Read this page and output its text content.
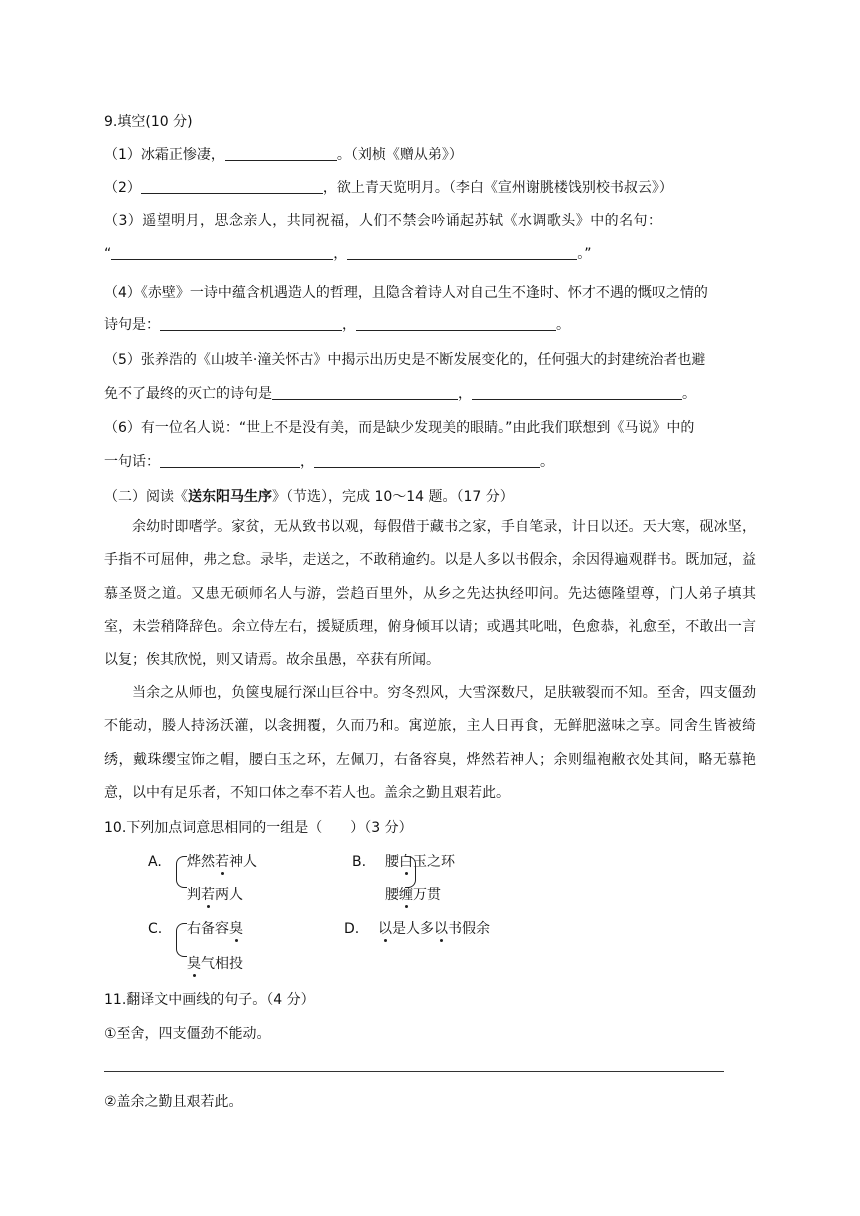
9.填空(10 分)
（1）冰霜正惨凄，	。（刘桢《赠从弟》）
（2）	，欲上青天览明月。（李白《宣州谢朓楼饯别校书叔云》）
（3）遥望明月，思念亲人，共同祝福，人们不禁会吟诵起苏轼《水调歌头》中的名句：
“	，	。”
（4）《赤壁》一诗中蕴含机遇造人的哲理，且隐含着诗人对自己生不逢时、怀才不遇的慨叹之情的
诗句是：	，	。
（5）张养浩的《山坡羊·潼关怀古》中揭示出历史是不断发展变化的，任何强大的封建统治者也避
免不了最终的灭亡的诗句是	，	。
（6）有一位名人说：“世上不是没有美，而是缺少发现美的眼睛。”由此我们联想到《马说》中的
一句话：	，	。
（二）阅读《送东阳马生序》（节选），完成 10～14 题。（17 分）
余幼时即嗜学。家贫，无从致书以观，每假借于藏书之家，手自笔录，计日以还。天大寒，砚冰坚，手指不可屈伸，弗之怠。录毕，走送之，不敢稍逾约。以是人多以书假余，余因得遍观群书。既加冠，益慕圣贤之道。又患无硕师名人与游，尝趋百里外，从乡之先达执经叩问。先达德隆望尊，门人弟子填其室，未尝稍降辞色。余立侍左右，援疑质理，俯身倾耳以请；或遇其叱咄，色愈恭，礼愈至，不敢出一言以复；俟其欣悦，则又请焉。故余虽愚，卒获有所闻。
当余之从师也，负箧曳屣行深山巨谷中。穷冬烈风，大雪深数尺，足肤皲裂而不知。至舍，四支僵劲不能动，媵人持汤沃灌，以衾拥覆，久而乃和。寓逆旅，主人日再食，无鲜肥滋味之享。同舍生皆被绮绣，戴珠缨宝饰之帽，腰白玉之环，左佩刀，右备容臭，烨然若神人；余则缊袍敝衣处其间，略无慕艳意，以中有足乐者，不知口体之奉不若人也。盖余之勤且艰若此。
10.下列加点词意思相同的一组是（　　）（3 分）
A. 烨然若神人
判若两人
B. 腰白玉之环
腰缠万贯
C. 右备容臭
臭气相投
D. 以是人多以书假余
11.翻译文中画线的句子。（4 分）
①至舍，四支僵劲不能动。
②盖余之勤且艰若此。
